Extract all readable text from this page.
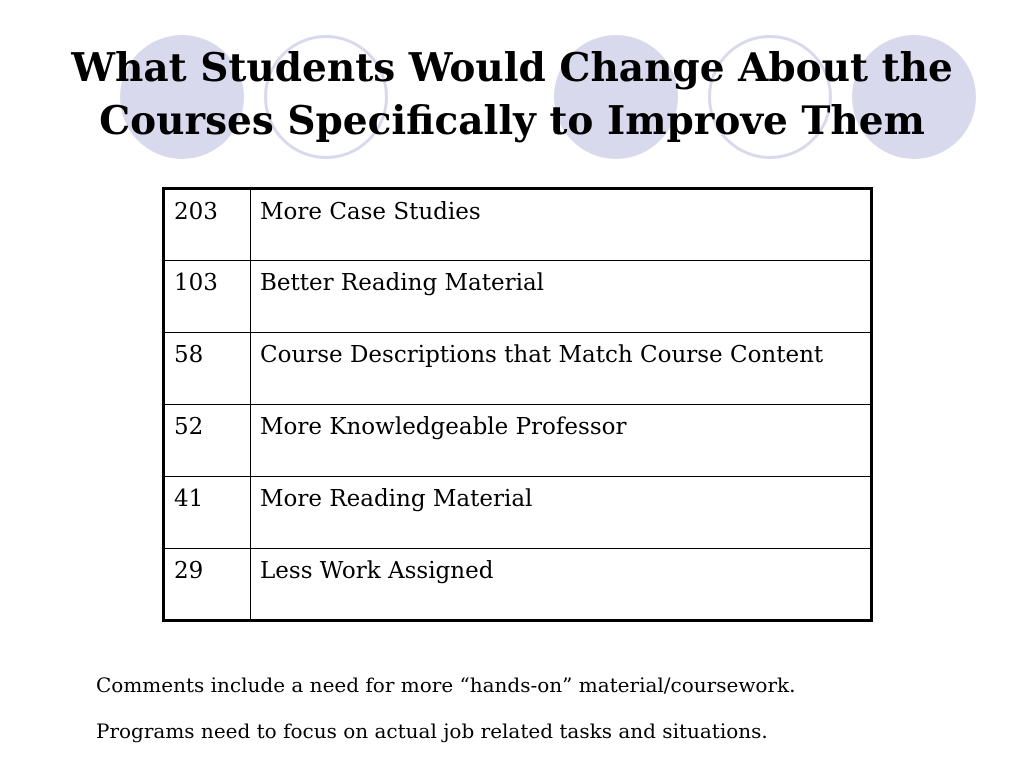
What Students Would Change About the
Courses Specifically to Improve Them
203	More Case Studies
103	Better Reading Material
58	Course Descriptions that Match Course Content
52	More Knowledgeable Professor
41	More Reading Material
29	Less Work Assigned

Comments include a need for more “hands-on” material/coursework.

Programs need to focus on actual job related tasks and situations.
